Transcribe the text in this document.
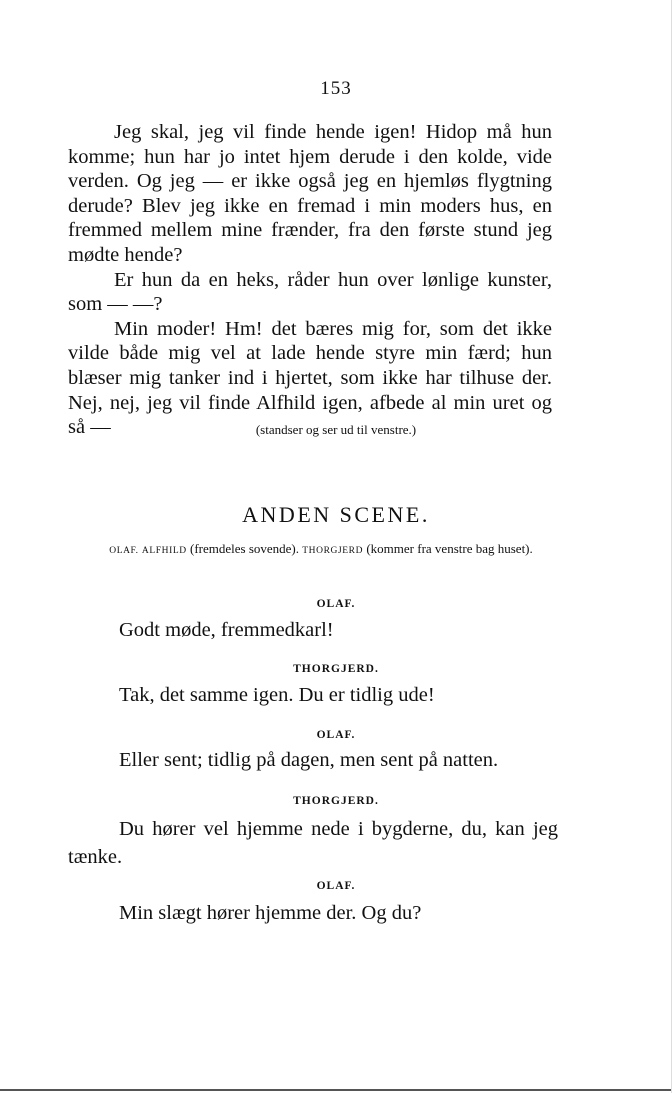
153

Jeg skal, jeg vil finde hende igen! Hidop må hun komme; hun har jo intet hjem derude i den kolde, vide verden. Og jeg — er ikke også jeg en hjemløs flygtning derude? Blev jeg ikke en fremad i min moders hus, en fremmed mellem mine frænder, fra den første stund jeg mødte hende?

Er hun da en heks, råder hun over lønlige kunster, som — —?

Min moder! Hm! det bæres mig for, som det ikke vilde både mig vel at lade hende styre min færd; hun blæser mig tanker ind i hjertet, som ikke har tilhuse der. Nej, nej, jeg vil finde Alfhild igen, afbede al min uret og så —	(standser og ser ud til venstre.)
ANDEN SCENE.
OLAF. ALFHILD (fremdeles sovende). THORGJERD (kommer fra venstre bag huset).
OLAF.
Godt møde, fremmedkarl!
THORGJERD.
Tak, det samme igen. Du er tidlig ude!
OLAF.
Eller sent; tidlig på dagen, men sent på natten.
THORGJERD.

Du hører vel hjemme nede i bygderne, du, kan jeg tænke.

OLAF.
Min slægt hører hjemme der. Og du?
